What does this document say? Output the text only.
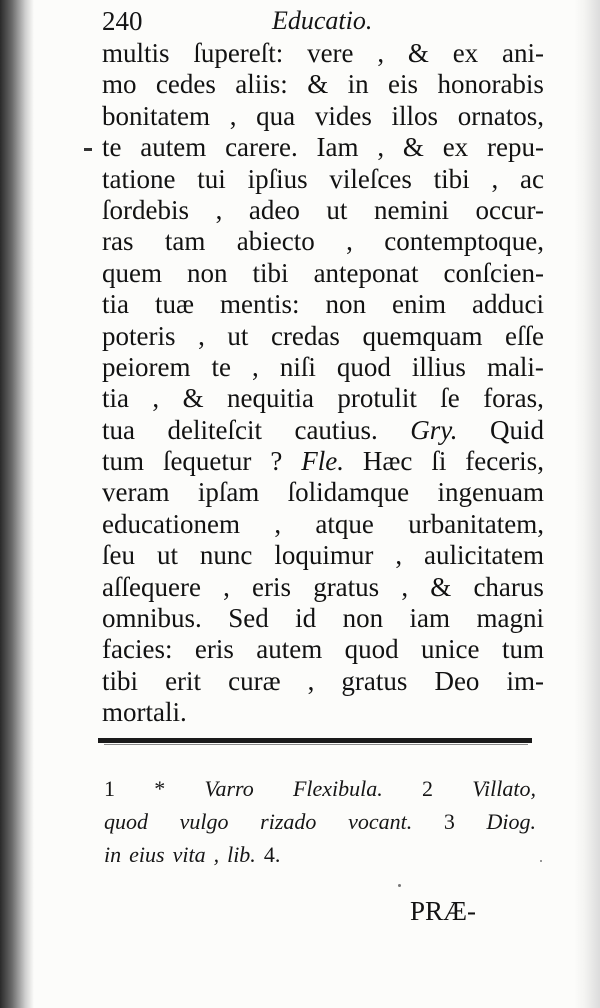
240	Educatio.
multis ſupereſt: vere , & ex ani-
mo cedes aliis: & in eis honorabis
bonitatem , qua vides illos ornatos,
te autem carere. Iam , & ex repu-
tatione tui ipſius vileſces tibi , ac
ſordebis , adeo ut nemini occur-
ras tam abiecto , contemptoque,
quem non tibi anteponat conſcien-
tia tuæ mentis: non enim adduci
poteris , ut credas quemquam eſſe
peiorem te , niſi quod illius mali-
tia , & nequitia protulit ſe foras,
tua deliteſcit cautius. Gry. Quid
tum ſequetur ? Fle. Hæc ſi feceris,
veram ipſam ſolidamque ingenuam
educationem , atque urbanitatem,
ſeu ut nunc loquimur , aulicitatem
aſſequere , eris gratus , & charus
omnibus. Sed id non iam magni
facies: eris autem quod unice tum
tibi erit curæ , gratus Deo im-
mortali.
1 * Varro Flexibula. 2 Villato,
quod vulgo rizado vocant. 3 Diog.
in eius vita , lib. 4.
PRÆ-
